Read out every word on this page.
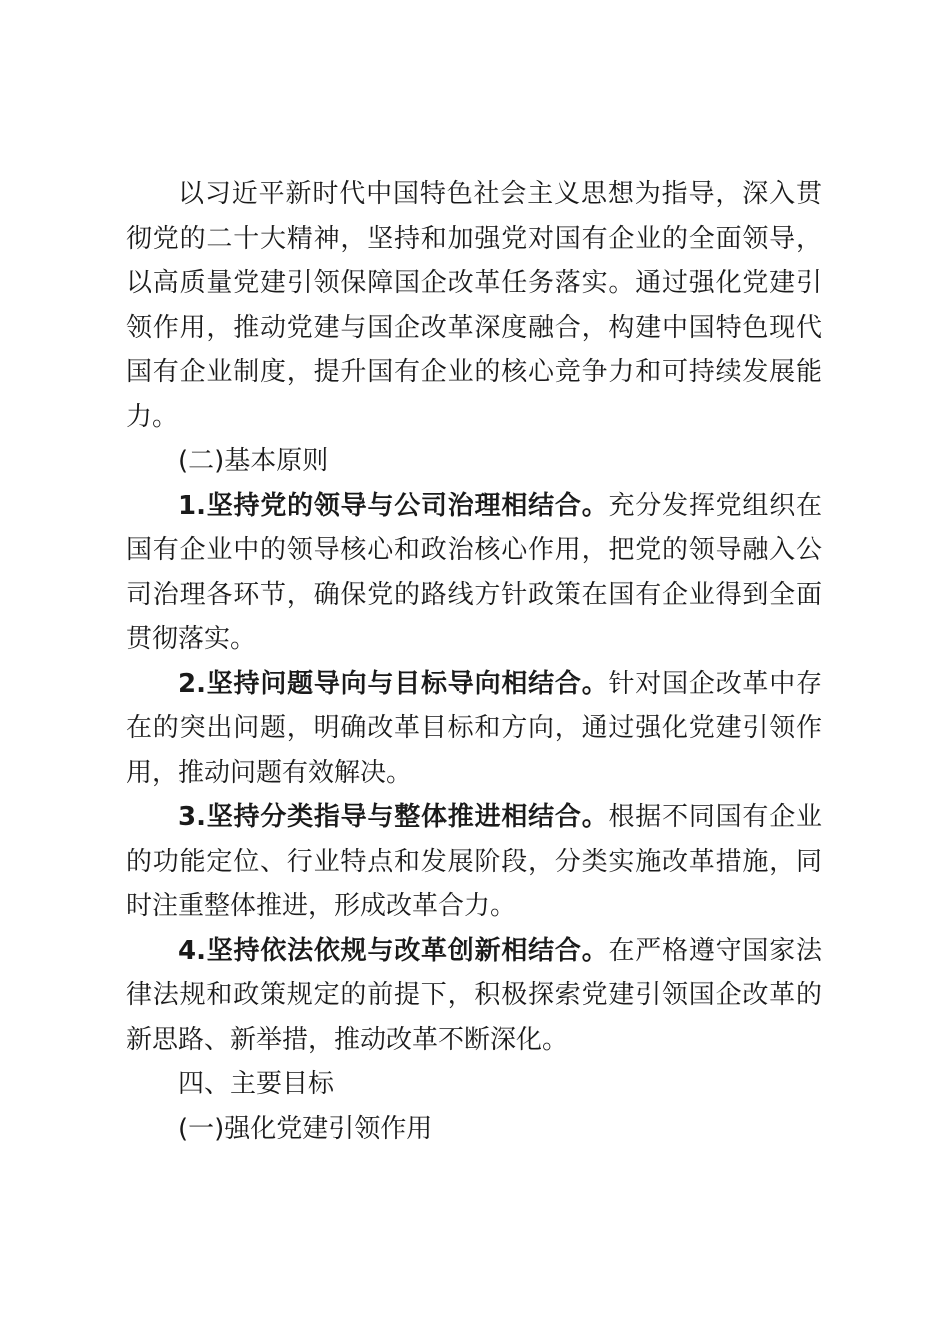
以习近平新时代中国特色社会主义思想为指导，深入贯彻党的二十大精神，坚持和加强党对国有企业的全面领导，以高质量党建引领保障国企改革任务落实。通过强化党建引领作用，推动党建与国企改革深度融合，构建中国特色现代国有企业制度，提升国有企业的核心竞争力和可持续发展能力。

(二)基本原则

1.坚持党的领导与公司治理相结合。充分发挥党组织在国有企业中的领导核心和政治核心作用，把党的领导融入公司治理各环节，确保党的路线方针政策在国有企业得到全面贯彻落实。

2.坚持问题导向与目标导向相结合。针对国企改革中存在的突出问题，明确改革目标和方向，通过强化党建引领作用，推动问题有效解决。

3.坚持分类指导与整体推进相结合。根据不同国有企业的功能定位、行业特点和发展阶段，分类实施改革措施，同时注重整体推进，形成改革合力。

4.坚持依法依规与改革创新相结合。在严格遵守国家法律法规和政策规定的前提下，积极探索党建引领国企改革的新思路、新举措，推动改革不断深化。

四、主要目标

(一)强化党建引领作用
